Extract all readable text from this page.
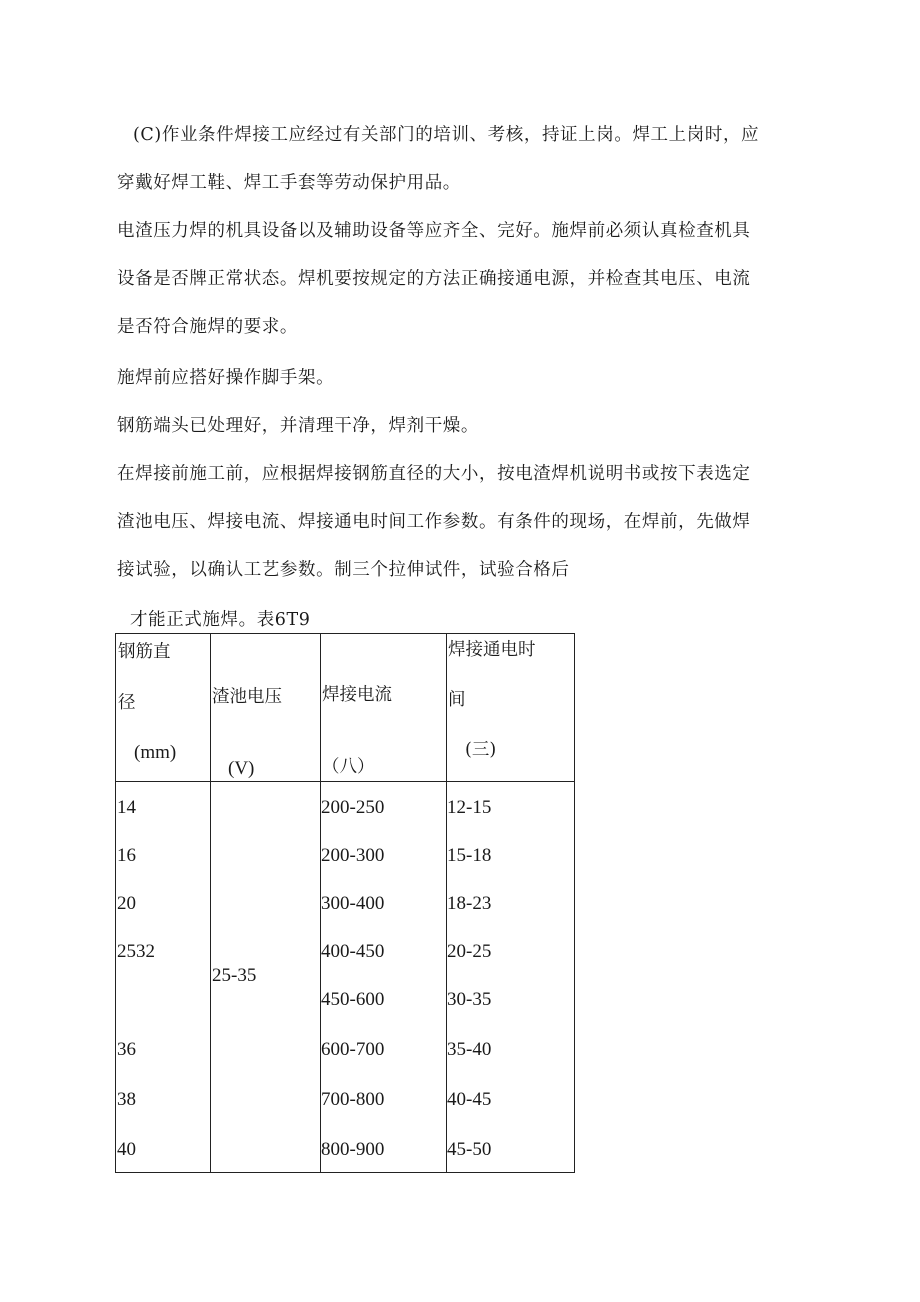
(C)作业条件焊接工应经过有关部门的培训、考核，持证上岗。焊工上岗时，应
穿戴好焊工鞋、焊工手套等劳动保护用品。
电渣压力焊的机具设备以及辅助设备等应齐全、完好。施焊前必须认真检查机具
设备是否牌正常状态。焊机要按规定的方法正确接通电源，并检查其电压、电流
是否符合施焊的要求。
施焊前应搭好操作脚手架。
钢筋端头已处理好，并清理干净，焊剂干燥。
在焊接前施工前，应根据焊接钢筋直径的大小，按电渣焊机说明书或按下表选定
渣池电压、焊接电流、焊接通电时间工作参数。有条件的现场，在焊前，先做焊
接试验，以确认工艺参数。制三个拉伸试件，试验合格后
才能正式施焊。表6T9
钢筋直
径
(mm)
渣池电压
(V)
焊接电流
（八）
焊接通电时
间
(三)
14
16
20
2532
36
38
40
25-35
200-250
200-300
300-400
400-450
450-600
600-700
700-800
800-900
12-15
15-18
18-23
20-25
30-35
35-40
40-45
45-50
